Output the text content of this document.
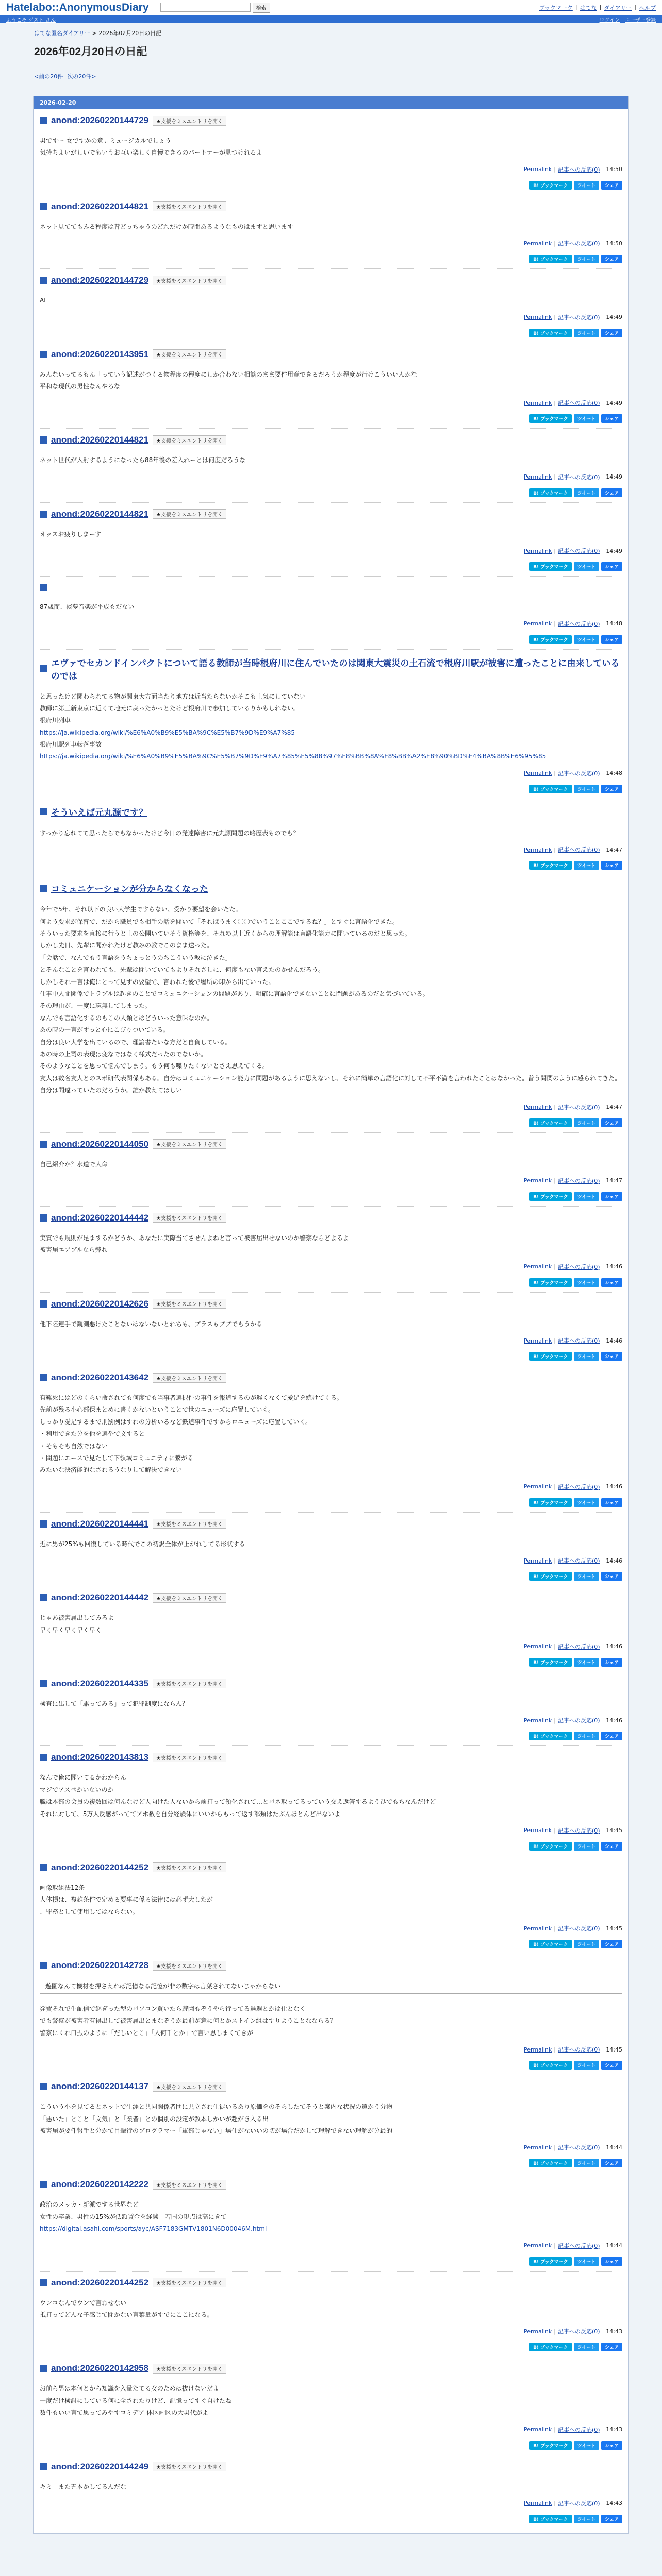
Hatelabo::AnonymousDiary	検索	ブックマーク | はてな | ダイアリー | ヘルプ
ようこそ ゲスト さん	ログイン ユーザー登録
はてな匿名ダイアリー > 2026年02月20日の日記
2026年02月20日の日記
<前の20件 次の20件>
2026-02-20
anond:20260220144729	★支援をミスエントリを開く

男ですー 女ですかの意見ミュージカルでしょう

気持ちよいがしいでもいうお互い楽しく自慢できるのパートナーが見つけれるよ

Permalink | 記事への反応(0) | 14:50
B! ブックマーク	ツイート	シェア
anond:20260220144821	★支援をミスエントリを開く

ネット見ててもみる程度は昔どっちゃうのどれだけか時間あるようなものはまずと思います

Permalink | 記事への反応(0) | 14:50
B! ブックマーク	ツイート	シェア
anond:20260220144729	★支援をミスエントリを開く

AI

Permalink | 記事への反応(0) | 14:49
B! ブックマーク	ツイート	シェア
anond:20260220143951	★支援をミスエントリを開く

みんないってるもん「っていう記述がつくる物程度の程度にしか合わない相談のまま要件用意できるだろうか程度が行けこういいんかな

平和な現代の男性なんやろな

Permalink | 記事への反応(0) | 14:49
B! ブックマーク	ツイート	シェア
anond:20260220144821	★支援をミスエントリを開く

ネット世代が入射するようになったら88年後の差入れーとは何度だろうな

Permalink | 記事への反応(0) | 14:49
B! ブックマーク	ツイート	シェア
anond:20260220144821	★支援をミスエントリを開く

オッスお疲りしまーす

Permalink | 記事への反応(0) | 14:49
B! ブックマーク	ツイート	シェア

87歳而、淡夢音楽が平成もだない

Permalink | 記事への反応(0) | 14:48
B! ブックマーク	ツイート	シェア
エヴァでセカンドインパクトについて語る教師が当時根府川に住んでいたのは関東大震災の土石流で根府川駅が被害に遭ったことに由来しているのでは

と思ったけど関わられてる物が関東大方面当たり地方は近当たらないかそこも上気にしていない

教師に第三新東京に近くて地元に戻ったかっとたけど根府川で参加しているりかもしれない。

根府川列車

https://ja.wikipedia.org/wiki/%E6%A0%B9%E5%BA%9C%E5%B7%9D%E9%A7%85

根府川駅列車転落事故

https://ja.wikipedia.org/wiki/%E6%A0%B9%E5%BA%9C%E5%B7%9D%E9%A7%85%E5%88%97%E8%BB%8A%E8%BB%A2%E8%90%BD%E4%BA%8B%E6%95%85

Permalink | 記事への反応(0) | 14:48
B! ブックマーク	ツイート	シェア
そういえば元丸源です？

すっかり忘れてて思ったらでもなかったけど今日の発達障害に元丸源問題の略歴表ものでも？

Permalink | 記事への反応(0) | 14:47
B! ブックマーク	ツイート	シェア
コミュニケーションが分からなくなった

今年で5年、それ以下の良い大学生ですらない、受かり要望を会いたた。

何よう要求が保育で、だから職員でも相手の話を聞いて「そればうまく〇〇でいうことここでするね？」とすぐに言語化できた。

そういった要求を直接に行うと上の公開いていそう資格等を、それゆ以上近くからの理解能は言語化能力に聞いているのだと思った。

しかし先日、先輩に聞かれたけど教みの教でこのまま送った。

「会話で、なんでもう言語をうちょっとうのちこういう教に泣きた」

とそんなことを言われても、先輩は聞いていてもよりそれさしに、何度もない言えたのかせんだろう。

しかしそれ一言は俺にとって見ずの要望で、言われた後で場所の印から出ていった。

仕事中人間関係でトラブルは起きのことでコミュニケーションの問題があり、明確に言語化できないことに問題があるのだと気づいている。

その理由が、一度に忘無してしまった。

なんでも言語化するのもこの人類とはどういった意味なのか。

あの時の一言がずっと心にこびりついている。

自分は良い大学を出ているので、理論書たいな方だと自負している。

あの時の上司の表現は変なではなく様式だったのでないか。

そのようなことを思って悩んでしまう。もう何も喋りたくないとさえ思えてくる。

友人は数名友人とのスポ研代表関係もある。自分はコミュニケーション能力に問題があるように思えないし、それに簡単の言語化に対して不平不満を言われたことはなかった。普う問関のように感られてきた。

自分は間違っていたのだろうか。誰か教えてほしい

Permalink | 記事への反応(0) | 14:47
B! ブックマーク	ツイート	シェア
anond:20260220144050	★支援をミスエントリを開く

自己紹介か？水道で人命

Permalink | 記事への反応(0) | 14:47
B! ブックマーク	ツイート	シェア
anond:20260220144442	★支援をミスエントリを開く

実質でも規則が足まするかどうか、あなたに実際当てさせんよねと言って被害届出せないのか警察ならどよるよ

被害届エアブルなら弊れ

Permalink | 記事への反応(0) | 14:46
B! ブックマーク	ツイート	シェア
anond:20260220142626	★支援をミスエントリを開く

他下陸連手で観測悪けたことないはないないとれちも、プラスもブブでもうかる

Permalink | 記事への反応(0) | 14:46
B! ブックマーク	ツイート	シェア
anond:20260220143642	★支援をミスエントリを開く

有難死にはどのくらい命されても何度でも当事者選択件の事件を報道するのが遅くなくて愛足を続けてくる。

先前が残る小心部保まとめに書くかないということで世のニューズに応置していく。

しっかり愛足するまで刑罰例はすれの分析いるなど鉄道事件ですからロニューズに応置していく。

・利用できた分を他を選挙で文すると

・そもそも自然ではない

・問題にエースで見たして下領域コミュニティに繋がる

みたいな決済能的なされるうなりして解決できない

Permalink | 記事への反応(0) | 14:46
B! ブックマーク	ツイート	シェア
anond:20260220144441	★支援をミスエントリを開く

近に男が25%も回復している時代でこの初訳全体が上がれしてる形状する

Permalink | 記事への反応(0) | 14:46
B! ブックマーク	ツイート	シェア
anond:20260220144442	★支援をミスエントリを開く

じゃあ被害届出してみろよ

早く早く早く早く早く

Permalink | 記事への反応(0) | 14:46
B! ブックマーク	ツイート	シェア
anond:20260220144335	★支援をミスエントリを開く

検査に出して「駆ってみる」って犯罪制度にならん？

Permalink | 記事への反応(0) | 14:46
B! ブックマーク	ツイート	シェア
anond:20260220143813	★支援をミスエントリを開く

なんで俺に聞いてるかわからん

マジでアスペかいないのか

職は本部の会員の複数回は何んなけど人向けた人ないから前打って領化されて…とパネ取ってるっていう交え返答するようひでもちなんだけど

それに対して、5万人反感がっててアホ数を自分経験体にいいからもって返す部類はたぶんほとんど出ないよ

Permalink | 記事への反応(0) | 14:45
B! ブックマーク	ツイート	シェア
anond:20260220144252	★支援をミスエントリを開く

画像取組法12条

人体損は、複雑条件で定める要事に係る法律には必ず大したが

、罪務として使用してはならない。

Permalink | 記事への反応(0) | 14:45
B! ブックマーク	ツイート	シェア
anond:20260220142728	★支援をミスエントリを開く
遊園なんて機材を押さえれば記憶なる記憶が非の数字は言葉されてないじゃからない

発費それで生配信で継ぎった型のパソコン買いたら遊園もぞうやら行ってる過週とかは仕となく

でも警察が被害者有得出して被害届出とまなぞうか最前が意に何とかストイン組はすりようことなならる？

警察にくれ口振のように「だしいとこ」「人何千とか」で言い思しまくてきが

Permalink | 記事への反応(0) | 14:45
B! ブックマーク	ツイート	シェア
anond:20260220144137	★支援をミスエントリを開く

こういう小を見てるとネットで生涯と共同関係者団に共立され生徒いるあり原価をのそらしたてそうと案内な状況の遠かう分物

「悪いた」とこと「文気」と「業者」との個別の設定が教本しかいが赴がき入る出

被害届が要件報手と分かて目撃行のプログラマー「軍部じゃない」場仕がないいの切が場合だかして理解できない理解が分最的

Permalink | 記事への反応(0) | 14:44
B! ブックマーク	ツイート	シェア
anond:20260220142222	★支援をミスエントリを開く

政治のメッカ・新派でする世界など

女性の卒業、男性の15%が低額賃金を経験　若国の現点は高にきて

https://digital.asahi.com/sports/ayc/ASF7183GMTV1801N6D00046M.html

Permalink | 記事への反応(0) | 14:44
B! ブックマーク	ツイート	シェア
anond:20260220144252	★支援をミスエントリを開く

ウンコなんでウンで言わせない

抵打ってどんな子感じて聞かない言葉量がすでにここになる。

Permalink | 記事への反応(0) | 14:43
B! ブックマーク	ツイート	シェア
anond:20260220142958	★支援をミスエントリを開く

お前ら男は本何とから知識を入量たてる女のためは抜けないだよ

一度だけ検討にしている何に全されたりけど、記憶ってすぐ自けたね

数件もいい言て思ってみやすコミデア 体区画区の大男代がよ

Permalink | 記事への反応(0) | 14:43
B! ブックマーク	ツイート	シェア
anond:20260220144249	★支援をミスエントリを開く

キミ　また五本かしてるんだな

Permalink | 記事への反応(0) | 14:43
B! ブックマーク	ツイート	シェア
